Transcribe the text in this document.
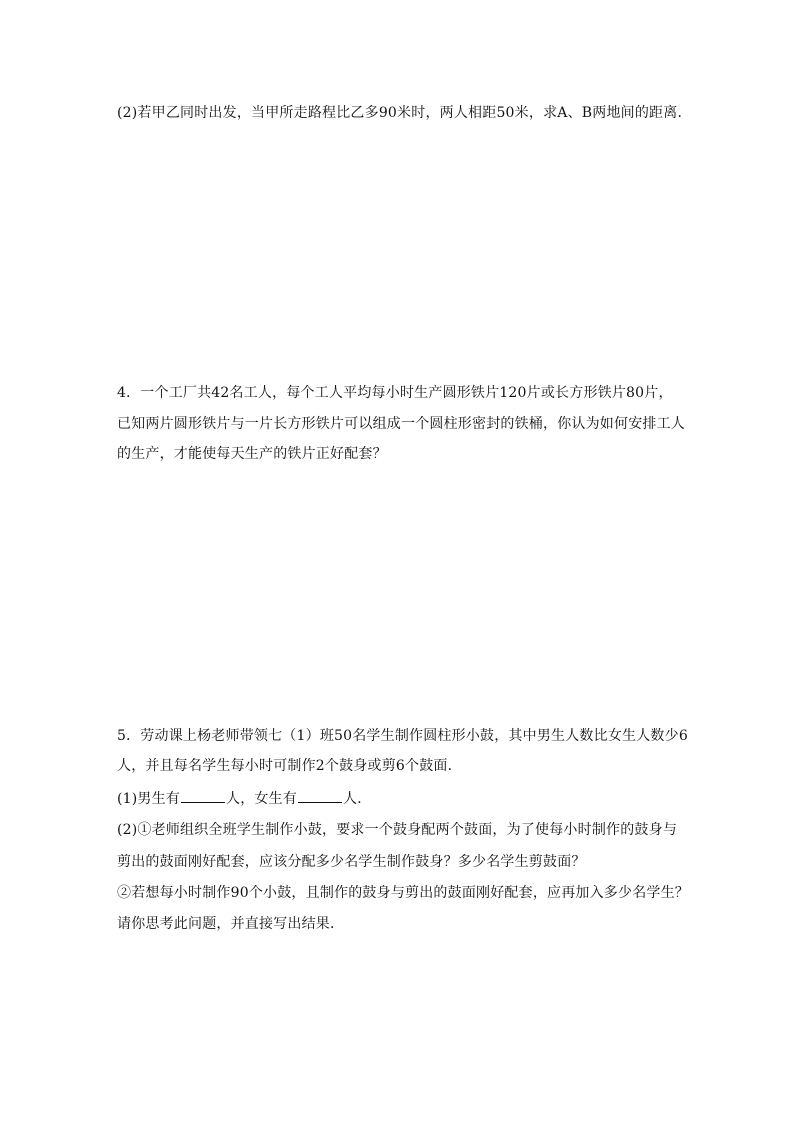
(2)若甲乙同时出发，当甲所走路程比乙多90米时，两人相距50米，求A、B两地间的距离．
4．一个工厂共42名工人，每个工人平均每小时生产圆形铁片120片或长方形铁片80片，
已知两片圆形铁片与一片长方形铁片可以组成一个圆柱形密封的铁桶，你认为如何安排工人
的生产，才能使每天生产的铁片正好配套？
5．劳动课上杨老师带领七（1）班50名学生制作圆柱形小鼓，其中男生人数比女生人数少6
人，并且每名学生每小时可制作2个鼓身或剪6个鼓面．
(1)男生有	人，女生有	人．
(2)①老师组织全班学生制作小鼓，要求一个鼓身配两个鼓面，为了使每小时制作的鼓身与
剪出的鼓面刚好配套，应该分配多少名学生制作鼓身？多少名学生剪鼓面？
②若想每小时制作90个小鼓，且制作的鼓身与剪出的鼓面刚好配套，应再加入多少名学生？
请你思考此问题，并直接写出结果．
